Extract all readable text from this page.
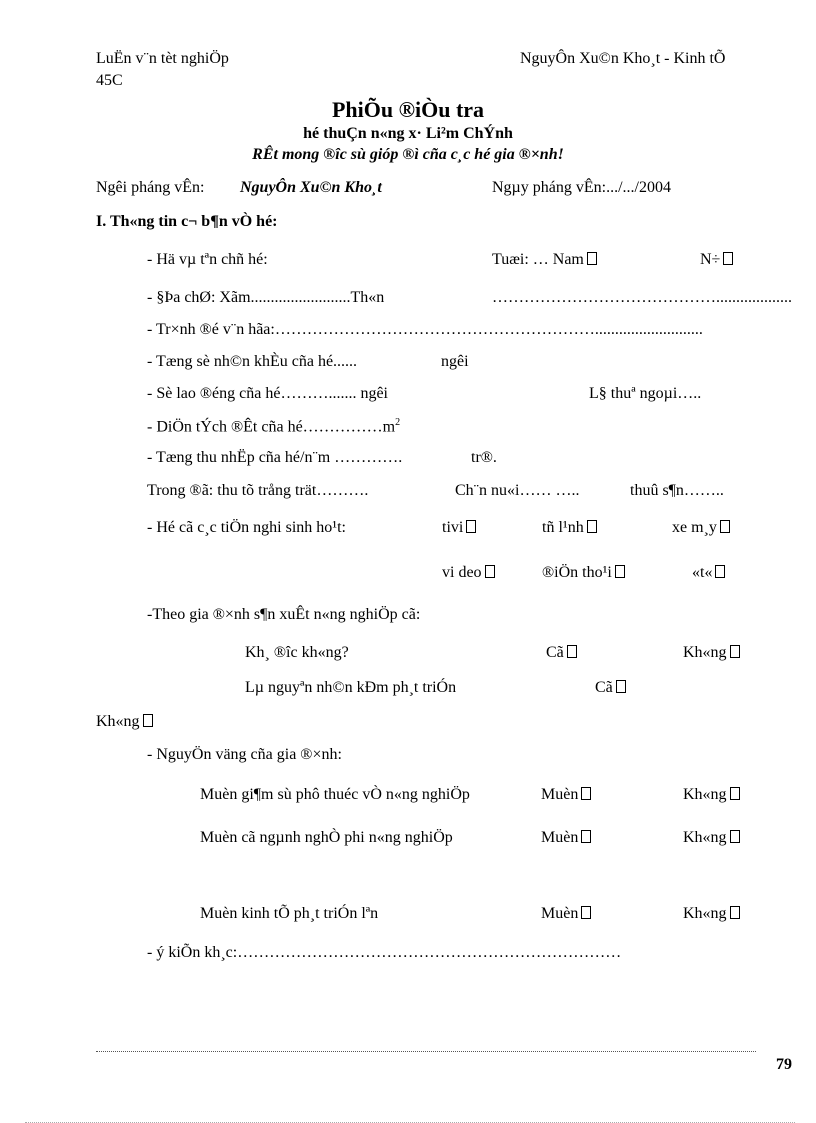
LuËn v¨n tèt nghiÖp
45C
NguyÔn Xu©n Kho¸t - Kinh tÕ
PhiÕu ®iÒu tra
hé thuÇn n«ng x· Li²m ChÝnh
RÊt mong ®îc sù gióp ®ì cña c¸c hé gia ®×nh!
Ngêi pháng vÊn: NguyÔn Xu©n Kho¸t	Ngµy pháng vÊn:.../.../2004
I. Th«ng tin c¬ b¶n vÒ hé:
- Hä vµ tªn chñ hé:	Tuæi: … Nam	N÷
- §Þa chØ: Xãm.........................Th«n	……………………………………...................
- Tr×nh ®é v¨n hãa:……………………………………………………...........................
- Tæng sè nh©n khÈu cña hé......	ngêi
- Sè lao ®éng cña hé………....... ngêi	L§ thuª ngoµi…..
- DiÖn tÝch ®Êt cña $hé\dots\dots\dots\dots\dots m^2$
- Tæng thu nhËp cña hé/n¨m ………….	tr®.
Trong ®ã: thu tõ trång trät……….	Ch¨n nu«i…… …..	thuû s¶n……..
- Hé cã c¸c tiÖn nghi sinh ho¹t:	tivi	tñ l¹nh	xe m¸y
vi deo	®iÖn tho¹i	«t«
-Theo gia ®×nh s¶n xuÊt n«ng nghiÖp cã:
Kh¸ ®îc kh«ng?	Cã	Kh«ng
Lµ nguyªn nh©n kÐm ph¸t triÓn	Cã
Kh«ng
- NguyÖn väng cña gia ®×nh:
Muèn gi¶m sù phô thuéc vÒ n«ng nghiÖp	Muèn	Kh«ng
Muèn cã ngµnh nghÒ phi n«ng nghiÖp	Muèn	Kh«ng
Muèn kinh tÕ ph¸t triÓn lªn	Muèn	Kh«ng
- ý kiÕn kh¸c:………………………………………………………………
79
